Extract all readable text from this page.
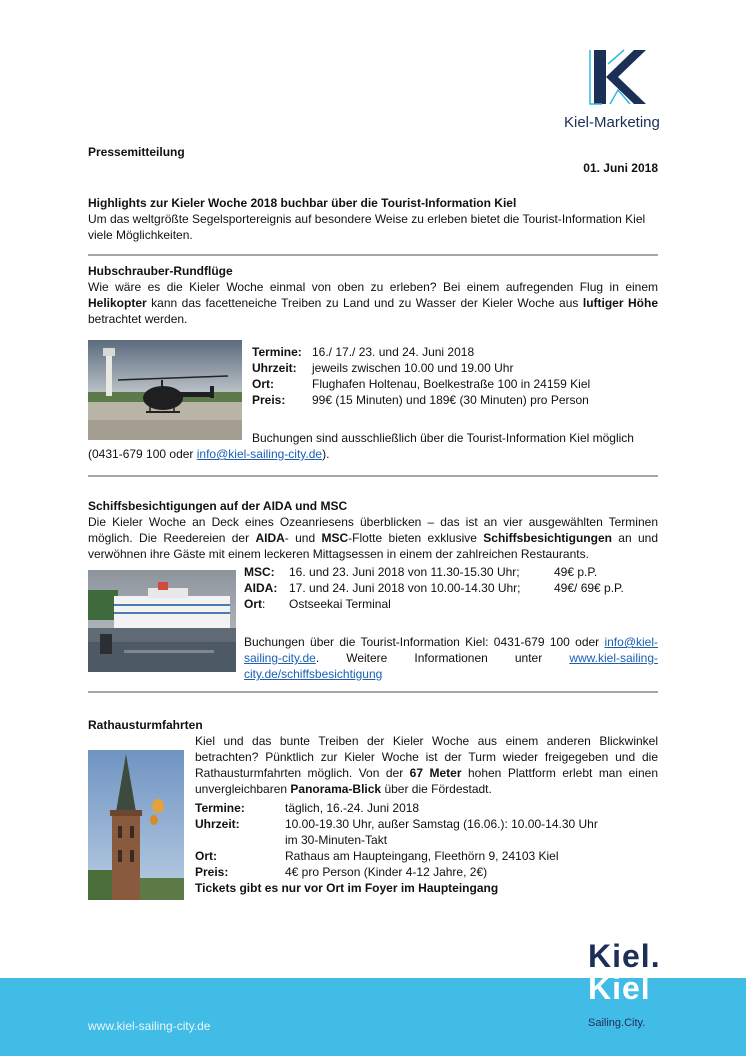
Kiel-Marketing
Pressemitteilung
01. Juni 2018
Highlights zur Kieler Woche 2018 buchbar über die Tourist-Information Kiel
Um das weltgrößte Segelsportereignis auf besondere Weise zu erleben bietet die Tourist-Information Kiel viele Möglichkeiten.
Hubschrauber-Rundflüge
Wie wäre es die Kieler Woche einmal von oben zu erleben? Bei einem aufregenden Flug in einem Helikopter kann das facetteneiche Treiben zu Land und zu Wasser der Kieler Woche aus luftiger Höhe betrachtet werden.
Termine:	16./ 17./ 23. und 24. Juni 2018
Uhrzeit:	jeweils zwischen 10.00 und 19.00 Uhr
Ort:	Flughafen Holtenau, Boelkestraße 100 in 24159 Kiel
Preis:	99€ (15 Minuten) und 189€ (30 Minuten) pro Person
Buchungen sind ausschließlich über die Tourist-Information Kiel möglich
(0431-679 100 oder info@kiel-sailing-city.de).
Schiffsbesichtigungen auf der AIDA und MSC
Die Kieler Woche an Deck eines Ozeanriesens überblicken – das ist an vier ausgewählten Terminen möglich. Die Reedereien der AIDA- und MSC-Flotte bieten exklusive Schiffsbesichtigungen an und verwöhnen ihre Gäste mit einem leckeren Mittagsessen in einem der zahlreichen Restaurants.
MSC:	16. und 23. Juni 2018 von 11.30-15.30 Uhr;	49€ p.P.
AIDA:	17. und 24. Juni 2018 von 10.00-14.30 Uhr;	49€/ 69€ p.P.
Ort:	Ostseekai Terminal	
Buchungen über die Tourist-Information Kiel: 0431-679 100 oder info@kiel-sailing-city.de. Weitere Informationen unter www.kiel-sailing-city.de/schiffsbesichtigung
Rathausturmfahrten
Kiel und das bunte Treiben der Kieler Woche aus einem anderen Blickwinkel betrachten? Pünktlich zur Kieler Woche ist der Turm wieder freigegeben und die Rathausturmfahrten möglich. Von der 67 Meter hohen Plattform erlebt man einen unvergleichbaren Panorama-Blick über die Fördestadt.
Termine:	täglich, 16.-24. Juni 2018
Uhrzeit:	10.00-19.30 Uhr, außer Samstag (16.06.): 10.00-14.30 Uhr
im 30-Minuten-Takt

Ort:	Rathaus am Haupteingang, Fleethörn 9, 24103 Kiel
Preis:	4€ pro Person (Kinder 4-12 Jahre, 2€)
Tickets gibt es nur vor Ort im Foyer im Haupteingang
www.kiel-sailing-city.de
Kiel.
Kiel
Sailing.City.
